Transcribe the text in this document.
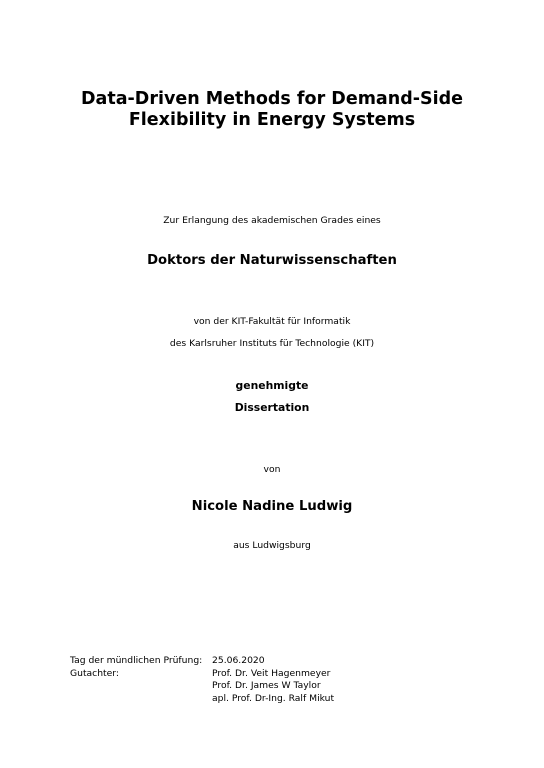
Data-Driven Methods for Demand-Side
Flexibility in Energy Systems
Zur Erlangung des akademischen Grades eines
Doktors der Naturwissenschaften
von der KIT-Fakultät für Informatik
des Karlsruher Instituts für Technologie (KIT)
genehmigte
Dissertation
von
Nicole Nadine Ludwig
aus Ludwigsburg
Tag der mündlichen Prüfung:	25.06.2020
Gutachter:	Prof. Dr. Veit Hagenmeyer
Prof. Dr. James W Taylor
apl. Prof. Dr-Ing. Ralf Mikut
